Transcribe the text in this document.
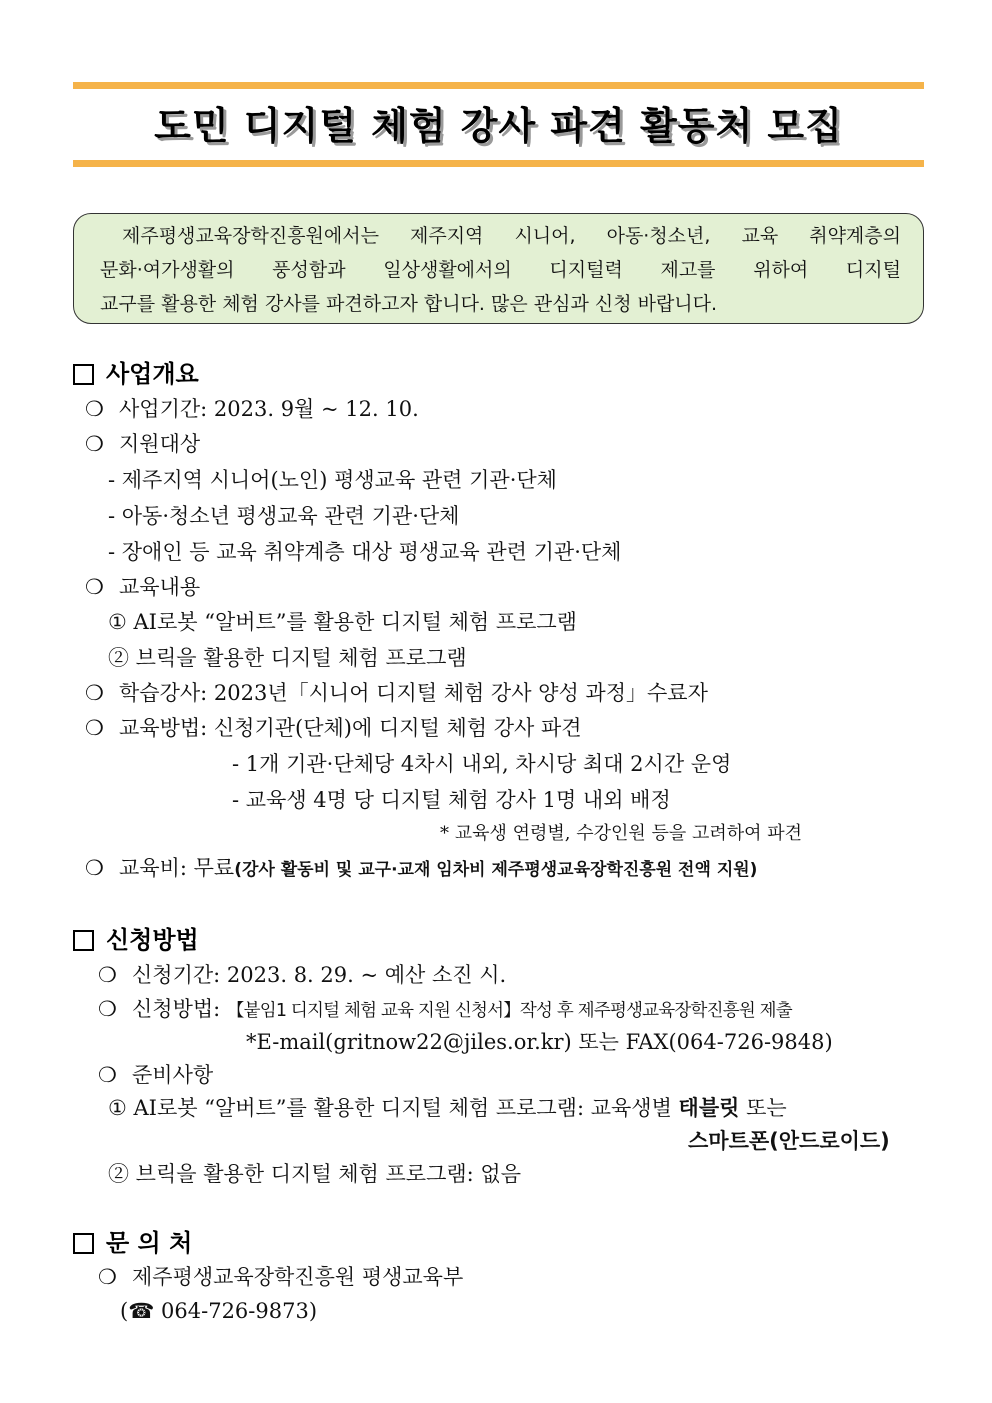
도민 디지털 체험 강사 파견 활동처 모집
제주평생교육장학진흥원에서는 제주지역 시니어, 아동·청소년, 교육 취약계층의
문화·여가생활의 풍성함과 일상생활에서의 디지털력 제고를 위하여 디지털
교구를 활용한 체험 강사를 파견하고자 합니다. 많은 관심과 신청 바랍니다.
사업개요
❍ 사업기간: 2023. 9월 ~ 12. 10.
❍ 지원대상
- 제주지역 시니어(노인) 평생교육 관련 기관·단체
- 아동·청소년 평생교육 관련 기관·단체
- 장애인 등 교육 취약계층 대상 평생교육 관련 기관·단체
❍ 교육내용
① AI로봇 “알버트”를 활용한 디지털 체험 프로그램
② 브릭을 활용한 디지털 체험 프로그램
❍ 학습강사: 2023년「시니어 디지털 체험 강사 양성 과정」수료자
❍ 교육방법: 신청기관(단체)에 디지털 체험 강사 파견
- 1개 기관·단체당 4차시 내외, 차시당 최대 2시간 운영
- 교육생 4명 당 디지털 체험 강사 1명 내외 배정
* 교육생 연령별, 수강인원 등을 고려하여 파견
❍ 교육비: 무료(강사 활동비 및 교구·교재 임차비 제주평생교육장학진흥원 전액 지원)
신청방법
❍ 신청기간: 2023. 8. 29. ~ 예산 소진 시.
❍ 신청방법: 【붙임1 디지털 체험 교육 지원 신청서】작성 후 제주평생교육장학진흥원 제출
*E-mail(gritnow22@jiles.or.kr) 또는 FAX(064-726-9848)
❍ 준비사항
① AI로봇 “알버트”를 활용한 디지털 체험 프로그램: 교육생별 태블릿 또는
스마트폰(안드로이드)
② 브릭을 활용한 디지털 체험 프로그램: 없음
문 의 처
❍ 제주평생교육장학진흥원 평생교육부
(☎ 064-726-9873)
